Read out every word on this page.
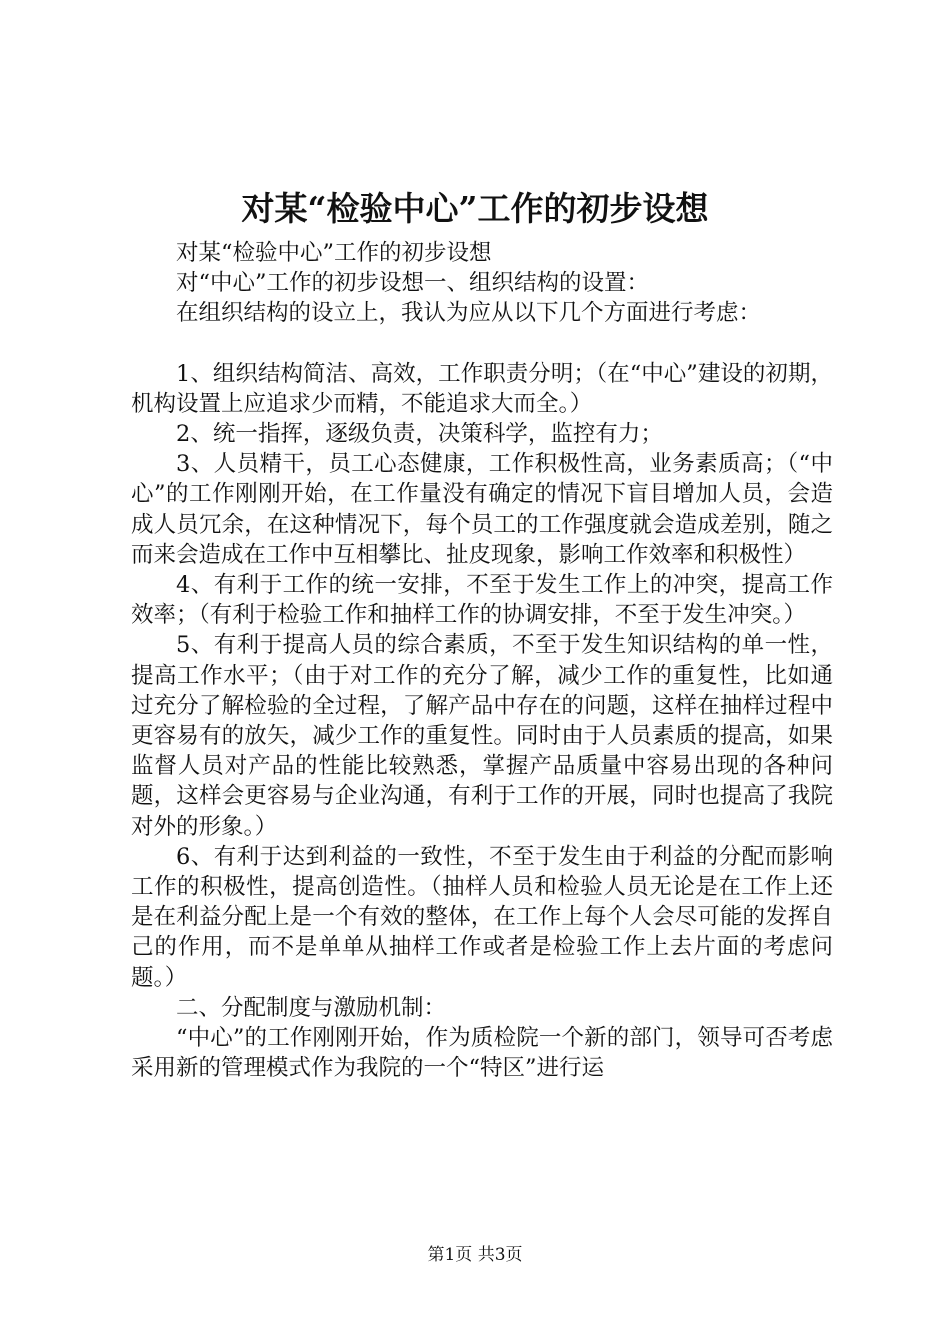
对某“检验中心”工作的初步设想

对某“检验中心”工作的初步设想

对“中心”工作的初步设想一、组织结构的设置：

在组织结构的设立上，我认为应从以下几个方面进行考虑：

1、组织结构简洁、高效，工作职责分明；（在“中心”建设的初期，机构设置上应追求少而精，不能追求大而全。）

2、统一指挥，逐级负责，决策科学，监控有力；

3、人员精干，员工心态健康，工作积极性高，业务素质高；（“中心”的工作刚刚开始，在工作量没有确定的情况下盲目增加人员，会造成人员冗余，在这种情况下，每个员工的工作强度就会造成差别，随之而来会造成在工作中互相攀比、扯皮现象，影响工作效率和积极性）

4、有利于工作的统一安排，不至于发生工作上的冲突，提高工作效率；（有利于检验工作和抽样工作的协调安排，不至于发生冲突。）

5、有利于提高人员的综合素质，不至于发生知识结构的单一性，提高工作水平；（由于对工作的充分了解，减少工作的重复性，比如通过充分了解检验的全过程，了解产品中存在的问题，这样在抽样过程中更容易有的放矢，减少工作的重复性。同时由于人员素质的提高，如果监督人员对产品的性能比较熟悉，掌握产品质量中容易出现的各种问题，这样会更容易与企业沟通，有利于工作的开展，同时也提高了我院对外的形象。）

6、有利于达到利益的一致性，不至于发生由于利益的分配而影响工作的积极性，提高创造性。（抽样人员和检验人员无论是在工作上还是在利益分配上是一个有效的整体，在工作上每个人会尽可能的发挥自己的作用，而不是单单从抽样工作或者是检验工作上去片面的考虑问题。）

二、分配制度与激励机制：

“中心”的工作刚刚开始，作为质检院一个新的部门，领导可否考虑采用新的管理模式作为我院的一个“特区”进行运

第1页 共3页
